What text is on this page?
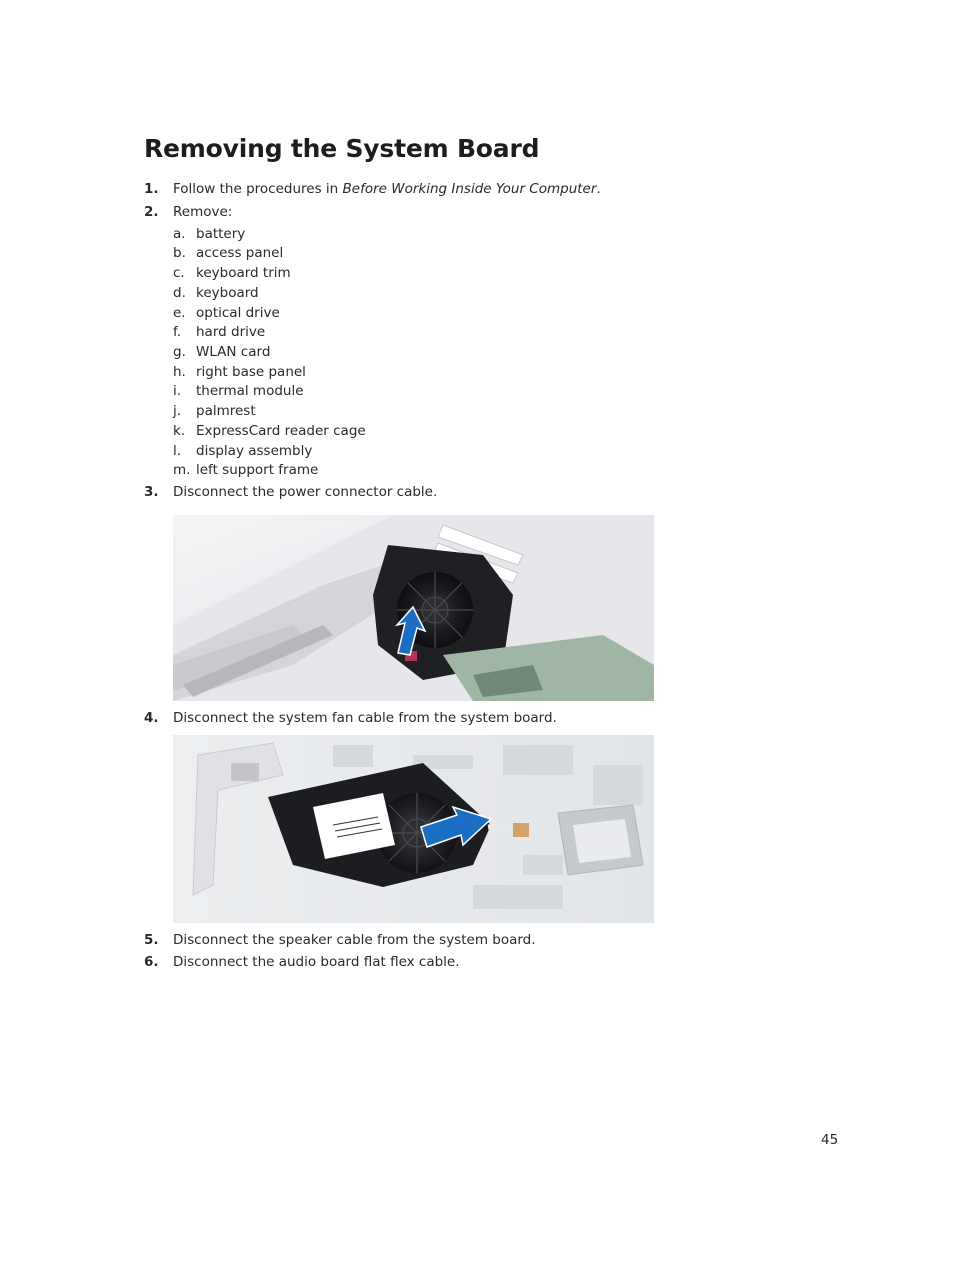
Removing the System Board
1. Follow the procedures in Before Working Inside Your Computer.
2. Remove:
a. battery
b. access panel
c. keyboard trim
d. keyboard
e. optical drive
f. hard drive
g. WLAN card
h. right base panel
i. thermal module
j. palmrest
k. ExpressCard reader cage
l. display assembly
m. left support frame
3. Disconnect the power connector cable.
4. Disconnect the system fan cable from the system board.
5. Disconnect the speaker cable from the system board.
6. Disconnect the audio board flat flex cable.
45
